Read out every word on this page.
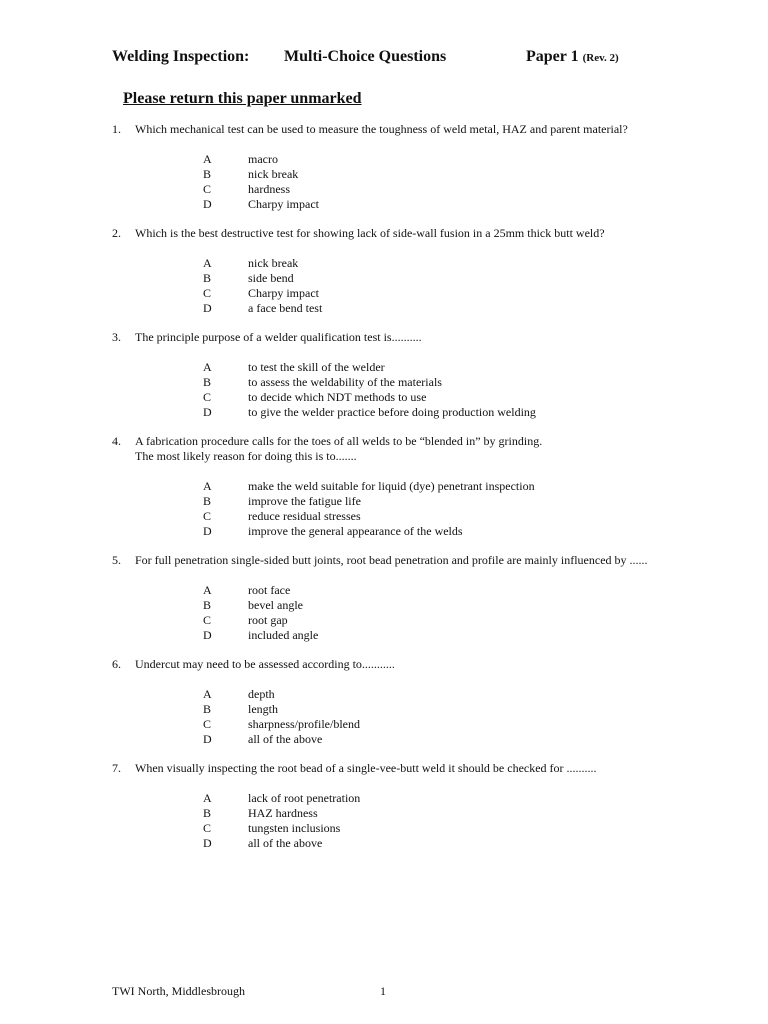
Welding Inspection: Multi-Choice Questions	Paper 1 (Rev. 2)
Please return this paper unmarked
1. Which mechanical test can be used to measure the toughness of weld metal, HAZ and parent material?
A	macro
B	nick break
C	hardness
D	Charpy impact
2. Which is the best destructive test for showing lack of side-wall fusion in a 25mm thick butt weld?
A	nick break
B	side bend
C	Charpy impact
D	a face bend test
3. The principle purpose of a welder qualification test is..........
A	to test the skill of the welder
B	to assess the weldability of the materials
C	to decide which NDT methods to use
D	to give the welder practice before doing production welding
4. A fabrication procedure calls for the toes of all welds to be “blended in” by grinding.
The most likely reason for doing this is to.......
A	make the weld suitable for liquid (dye) penetrant inspection
B	improve the fatigue life
C	reduce residual stresses
D	improve the general appearance of the welds
5. For full penetration single-sided butt joints, root bead penetration and profile are mainly influenced by ......
A	root face
B	bevel angle
C	root gap
D	included angle
6. Undercut may need to be assessed according to...........
A	depth
B	length
C	sharpness/profile/blend
D	all of the above
7. When visually inspecting the root bead of a single-vee-butt weld it should be checked for ..........
A	lack of root penetration
B	HAZ hardness
C	tungsten inclusions
D	all of the above
TWI North, Middlesbrough	1
